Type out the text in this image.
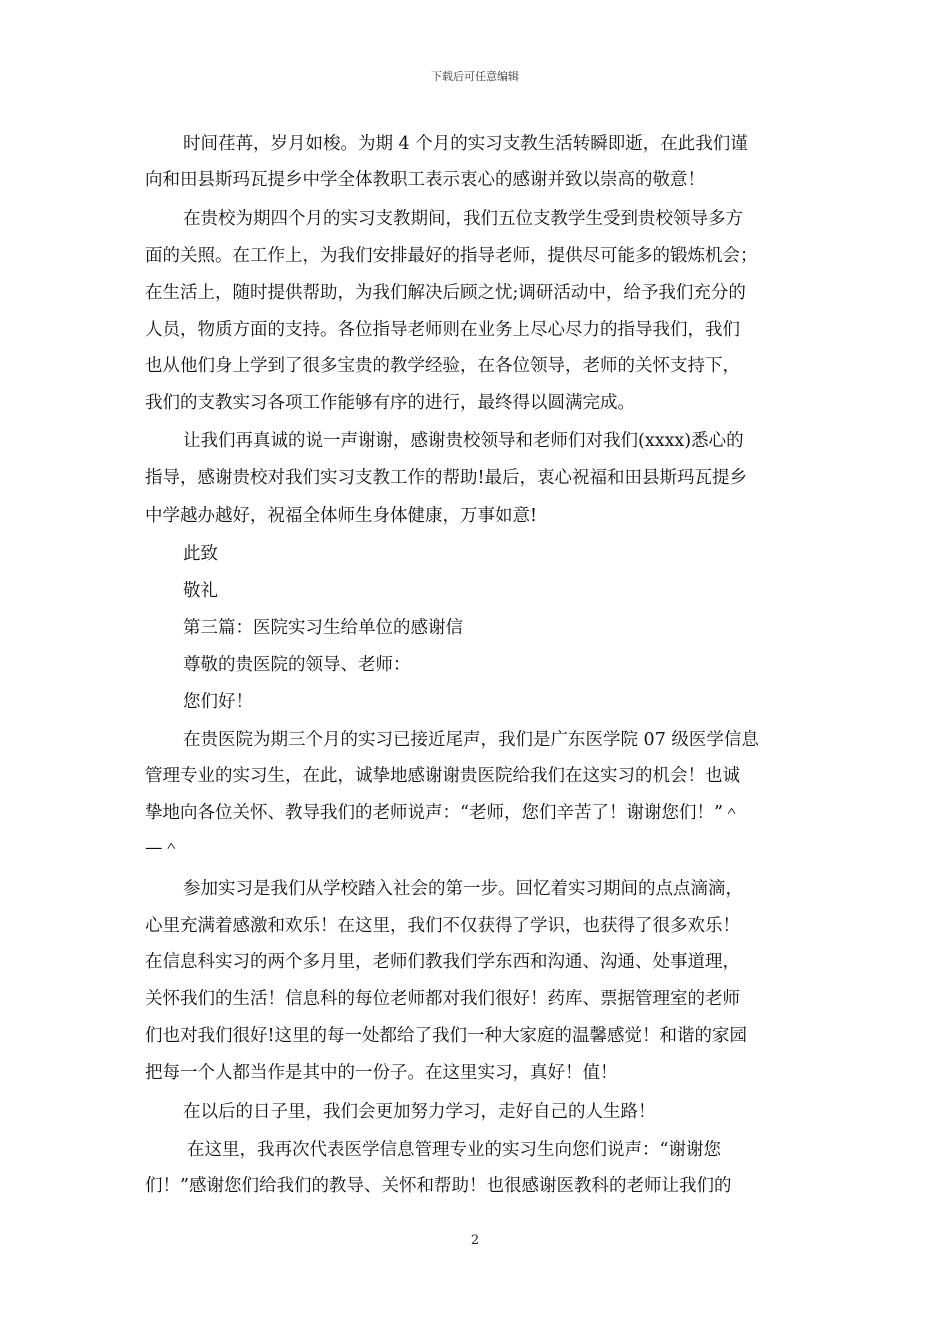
下载后可任意编辑
时间荏苒，岁月如梭。为期 4 个月的实习支教生活转瞬即逝，在此我们谨
向和田县斯玛瓦提乡中学全体教职工表示衷心的感谢并致以崇高的敬意！
在贵校为期四个月的实习支教期间，我们五位支教学生受到贵校领导多方
面的关照。在工作上，为我们安排最好的指导老师，提供尽可能多的锻炼机会；
在生活上，随时提供帮助，为我们解决后顾之忧;调研活动中，给予我们充分的
人员，物质方面的支持。各位指导老师则在业务上尽心尽力的指导我们，我们
也从他们身上学到了很多宝贵的教学经验，在各位领导，老师的关怀支持下，
我们的支教实习各项工作能够有序的进行，最终得以圆满完成。
让我们再真诚的说一声谢谢，感谢贵校领导和老师们对我们(xxxx)悉心的
指导，感谢贵校对我们实习支教工作的帮助!最后，衷心祝福和田县斯玛瓦提乡
中学越办越好，祝福全体师生身体健康，万事如意!
此致
敬礼
第三篇：医院实习生给单位的感谢信
尊敬的贵医院的领导、老师：
您们好！
在贵医院为期三个月的实习已接近尾声，我们是广东医学院 07 级医学信息
管理专业的实习生，在此，诚挚地感谢谢贵医院给我们在这实习的机会！也诚
挚地向各位关怀、教导我们的老师说声：“老师，您们辛苦了！谢谢您们！”＾
—＾
参加实习是我们从学校踏入社会的第一步。回忆着实习期间的点点滴滴，
心里充满着感激和欢乐！在这里，我们不仅获得了学识，也获得了很多欢乐！
在信息科实习的两个多月里，老师们教我们学东西和沟通、沟通、处事道理，
关怀我们的生活！信息科的每位老师都对我们很好！药库、票据管理室的老师
们也对我们很好!这里的每一处都给了我们一种大家庭的温馨感觉！和谐的家园
把每一个人都当作是其中的一份子。在这里实习，真好！值！
在以后的日子里，我们会更加努力学习，走好自己的人生路！
在这里，我再次代表医学信息管理专业的实习生向您们说声：“谢谢您
们！”感谢您们给我们的教导、关怀和帮助！也很感谢医教科的老师让我们的
2
